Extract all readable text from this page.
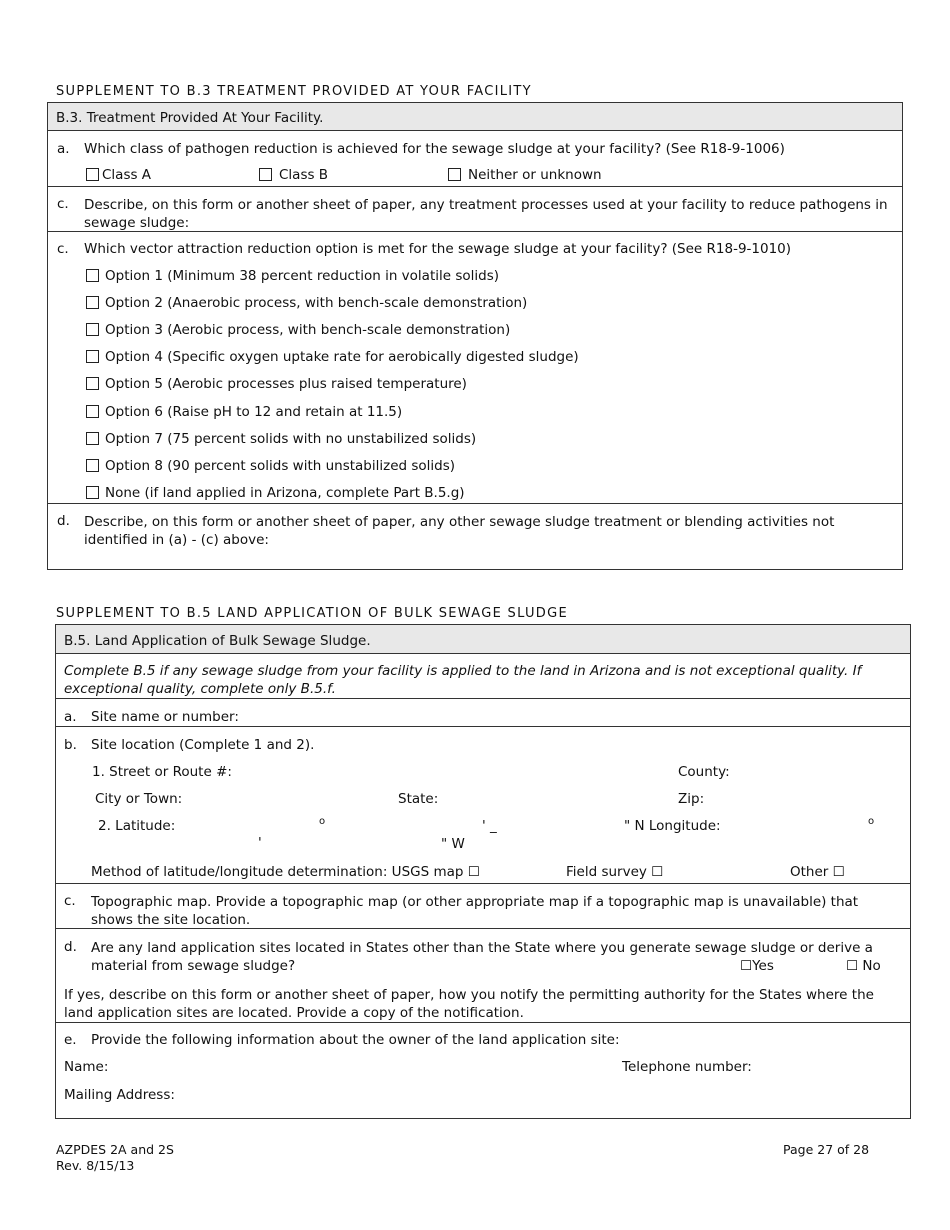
SUPPLEMENT TO B.3 TREATMENT PROVIDED AT YOUR FACILITY
B.3. Treatment Provided At Your Facility.
a. Which class of pathogen reduction is achieved for the sewage sludge at your facility? (See R18-9-1006)
Class A	Class B	Neither or unknown
c. Describe, on this form or another sheet of paper, any treatment processes used at your facility to reduce pathogens in sewage sludge:
c. Which vector attraction reduction option is met for the sewage sludge at your facility? (See R18-9-1010)
Option 1 (Minimum 38 percent reduction in volatile solids)
Option 2 (Anaerobic process, with bench-scale demonstration)
Option 3 (Aerobic process, with bench-scale demonstration)
Option 4 (Specific oxygen uptake rate for aerobically digested sludge)
Option 5 (Aerobic processes plus raised temperature)
Option 6 (Raise pH to 12 and retain at 11.5)
Option 7 (75 percent solids with no unstabilized solids)
Option 8 (90 percent solids with unstabilized solids)
None (if land applied in Arizona, complete Part B.5.g)
d. Describe, on this form or another sheet of paper, any other sewage sludge treatment or blending activities not identified in (a) - (c) above:
SUPPLEMENT TO B.5 LAND APPLICATION OF BULK SEWAGE SLUDGE
B.5. Land Application of Bulk Sewage Sludge.
Complete B.5 if any sewage sludge from your facility is applied to the land in Arizona and is not exceptional quality. If exceptional quality, complete only B.5.f.
a. Site name or number:
b. Site location (Complete 1 and 2).
1. Street or Route #:	County:
City or Town:	State:	Zip:
2. Latitude:	o	' _	" N Longitude:	o
'	" W
Method of latitude/longitude determination: USGS map ☐	Field survey ☐	Other ☐
c. Topographic map. Provide a topographic map (or other appropriate map if a topographic map is unavailable) that shows the site location.
d. Are any land application sites located in States other than the State where you generate sewage sludge or derive a material from sewage sludge?	☐Yes	☐ No
If yes, describe on this form or another sheet of paper, how you notify the permitting authority for the States where the land application sites are located. Provide a copy of the notification.
e. Provide the following information about the owner of the land application site:
Name:	Telephone number:
Mailing Address:
AZPDES 2A and 2S
Rev. 8/15/13
Page 27 of 28
